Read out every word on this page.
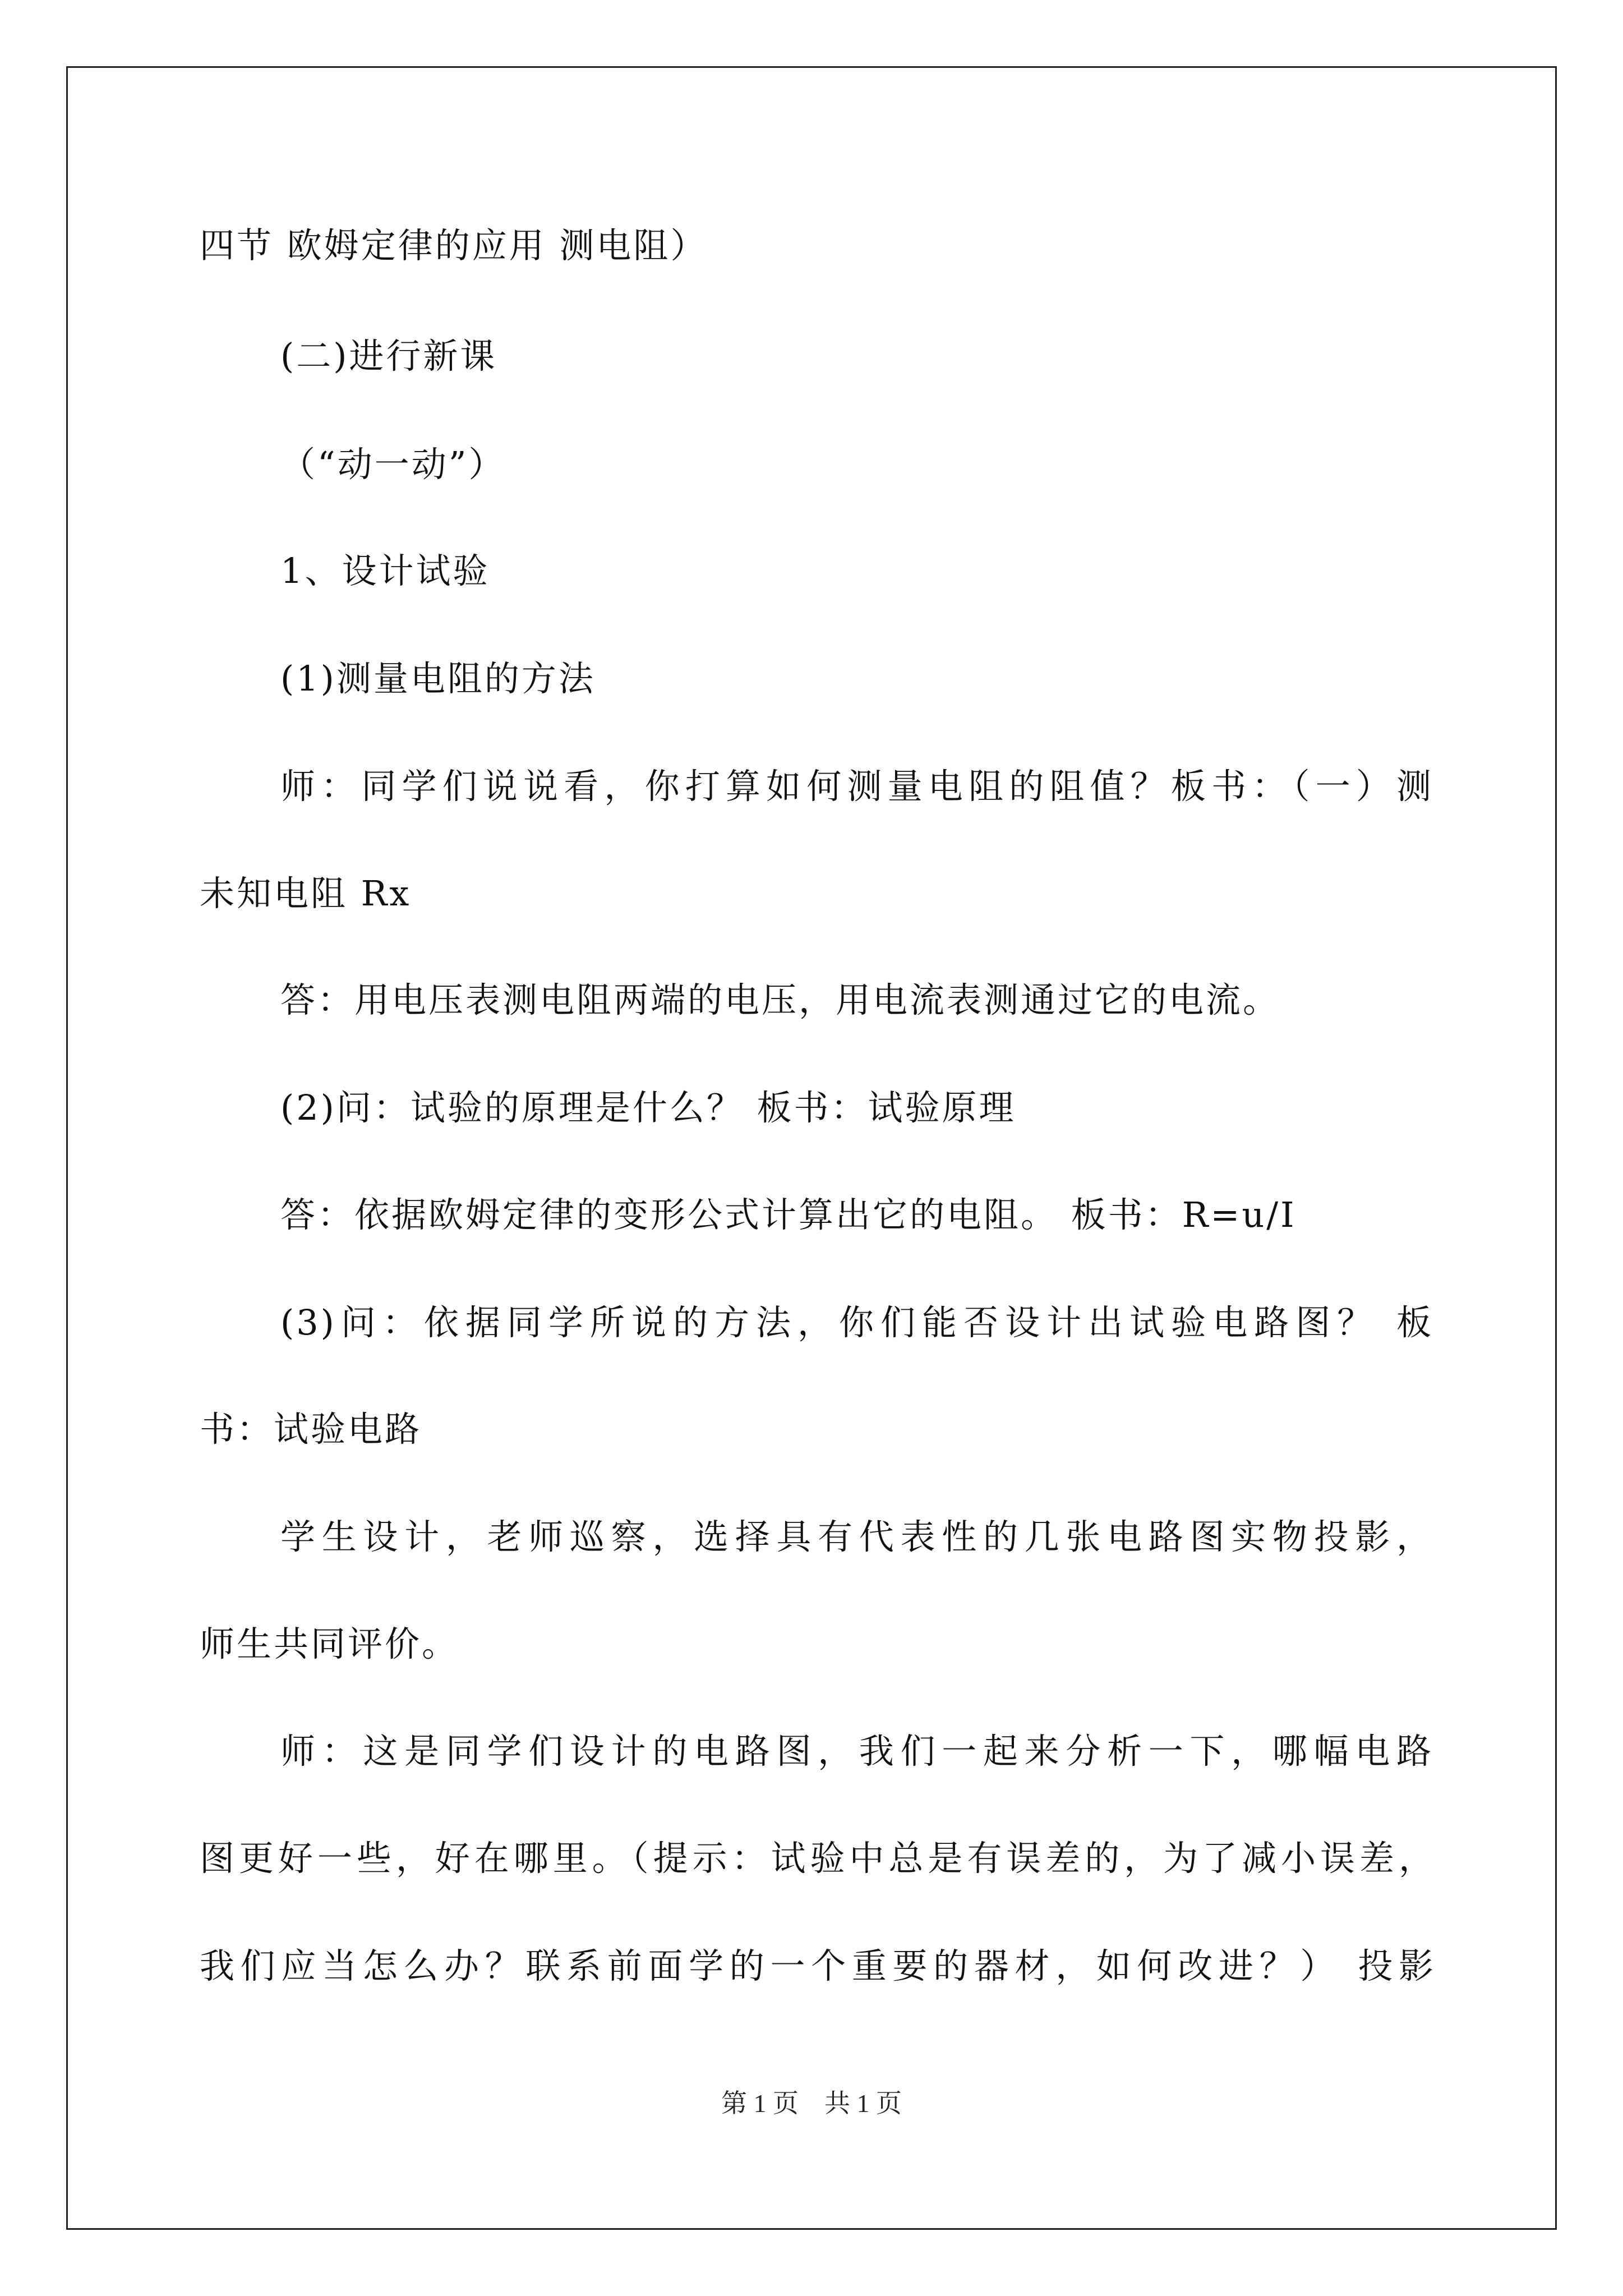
四节 欧姆定律的应用 测电阻）
(二)进行新课
（“动一动”）
1、设计试验
(1)测量电阻的方法
师：同学们说说看，你打算如何测量电阻的阻值？板书：（一）测
未知电阻 Rx
答：用电压表测电阻两端的电压，用电流表测通过它的电流。
(2)问：试验的原理是什么？ 板书：试验原理
答：依据欧姆定律的变形公式计算出它的电阻。 板书：R=u/I
(3)问：依据同学所说的方法，你们能否设计出试验电路图？ 板
书：试验电路
学生设计，老师巡察，选择具有代表性的几张电路图实物投影，
师生共同评价。
师：这是同学们设计的电路图，我们一起来分析一下，哪幅电路
图更好一些，好在哪里。（提示：试验中总是有误差的，为了减小误差，
我们应当怎么办？联系前面学的一个重要的器材，如何改进？） 投影
第 1 页　共 1 页
